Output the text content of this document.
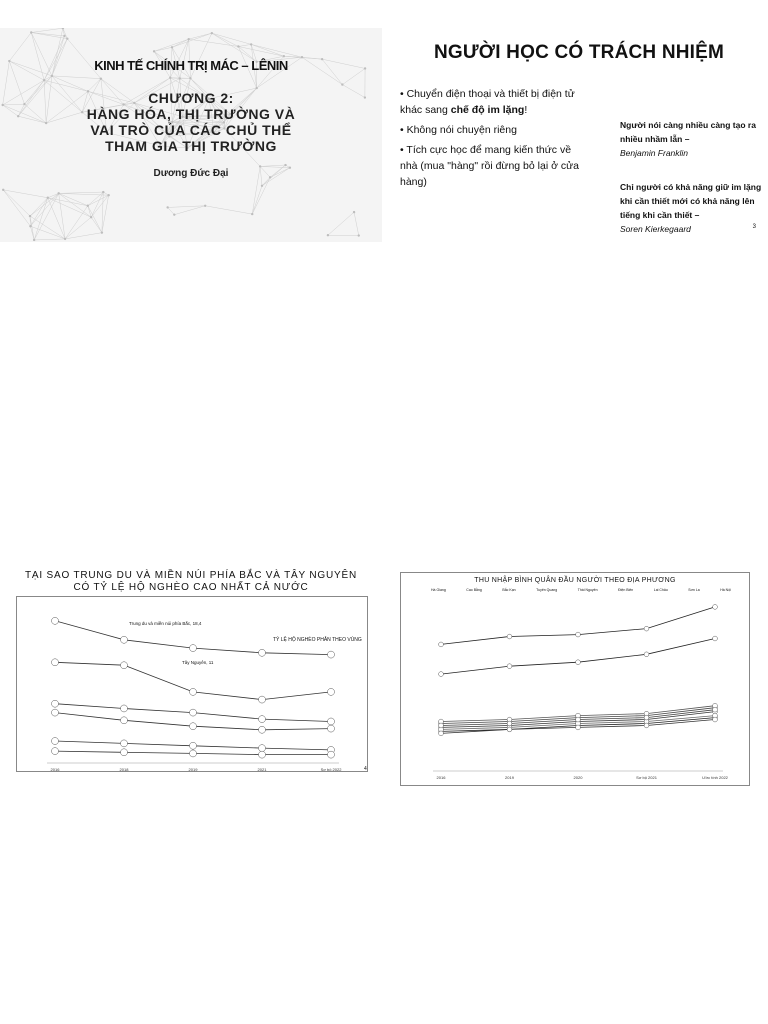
KINH TẾ CHÍNH TRỊ MÁC – LÊNIN
CHƯƠNG 2:
HÀNG HÓA, THỊ TRƯỜNG VÀ
VAI TRÒ CỦA CÁC CHỦ THỂ
THAM GIA THỊ TRƯỜNG
Dương Đức Đại
NGƯỜI HỌC CÓ TRÁCH NHIỆM
• Chuyển điện thoại và thiết bị điện tử khác sang chế độ im lặng!
• Không nói chuyện riêng
• Tích cực học để mang kiến thức về nhà (mua "hàng" rồi đừng bỏ lại ở cửa hàng)
Người nói càng nhiều càng tạo ra nhiều nhầm lẫn –
Benjamin Franklin
Chỉ người có khả năng giữ im lặng khi cần thiết mới có khả năng lên tiếng khi cần thiết –
Soren Kierkegaard	3
TẠI SAO TRUNG DU VÀ MIỀN NÚI PHÍA BẮC VÀ TÂY NGUYÊN
CÓ TỶ LỆ HỘ NGHÈO CAO NHẤT CẢ NƯỚC
2016	2018	2019	2021	Sơ bộ 2022
TỶ LỆ HỘ NGHÈO PHÂN THEO VÙNG
Trung du và miền núi phía Bắc, 18,4
Tây Nguyên, 11
4
THU NHẬP BÌNH QUÂN ĐẦU NGƯỜI THEO ĐỊA PHƯƠNG
Hà Giang	Cao Bằng	Bắc Kạn	Tuyên Quang	Thái Nguyên	Điện Biên	Lai Châu	Sơn La	Hà Nội
2016	2019	2020	Sơ bộ 2021	Ước tính 2022
